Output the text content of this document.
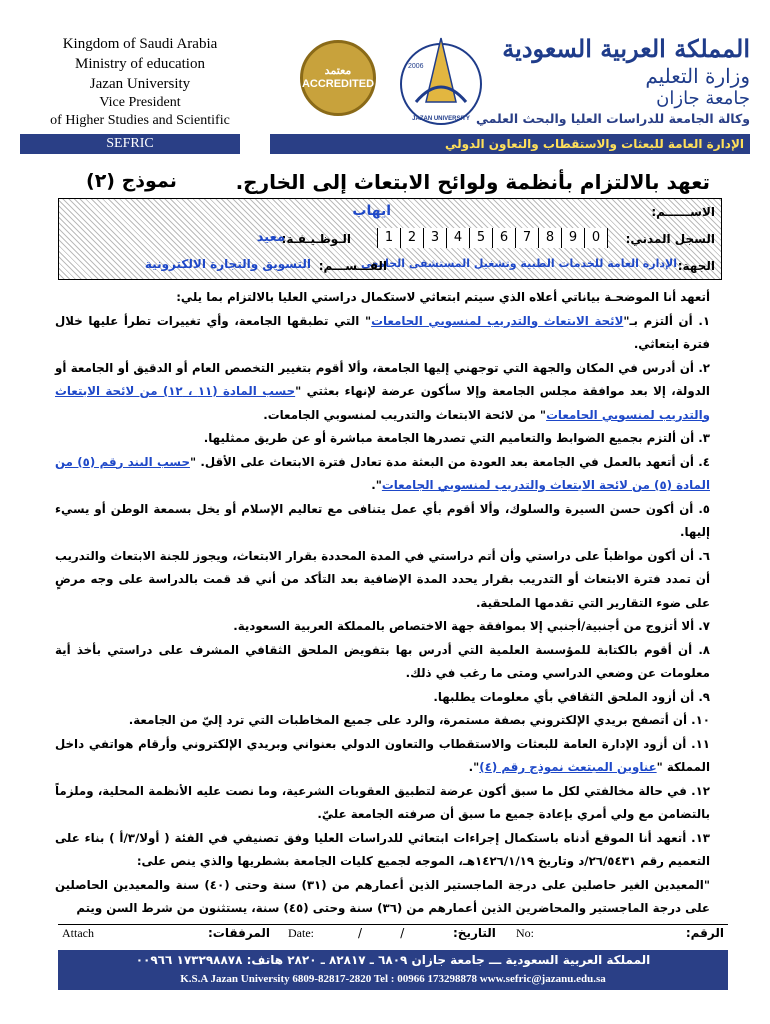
Kingdom of Saudi Arabia
Ministry of education
Jazan University
Vice President
of Higher Studies and Scientific
SEFRIC
معتمد
ACCREDITED
2006
JAZAN UNIVERSITY
المملكة العربية السعودية
وزارة التعليم
جامعة جازان
وكالة الجامعة للدراسات العليا والبحث العلمي
الإدارة العامة للبعثات والاستقطاب والتعاون الدولي
تعهد بالالتزام بأنظمة ولوائح الابتعاث إلى الخارج.
نموذج (٢)
الاســــــم:
ايهاب
السجل المدني:
1	2	3	4	5	6	7	8	9	0
الـوظـيـفـة:
معيد
الجهة:
الإدارة العامة للخدمات الطبية وتشغيل المستشفى الجامعي
القـــســـم:
التسويق والتجارة الالكترونية

أتعهد أنا الموضحـة بياناتي أعلاه الذي سيتم ابتعاثي لاستكمال دراستي العليا بالالتزام بما يلي:

١. أن ألتزم بـ"لائحة الابتعاث والتدريب لمنسوبي الجامعات" التي تطبقها الجامعة، وأي تغييرات تطرأ عليها خلال فترة ابتعاثي.

٢. أن أدرس في المكان والجهة التي توجهني إليها الجامعة، وألا أقوم بتغيير التخصص العام أو الدقيق أو الجامعة أو الدولة، إلا بعد موافقة مجلس الجامعة وإلا سأكون عرضة لإنهاء بعثتي "حسب المادة (١١ ، ١٢) من لائحة الابتعاث والتدريب لمنسوبي الجامعات" من لائحة الابتعاث والتدريب لمنسوبي الجامعات.

٣. أن ألتزم بجميع الضوابط والتعاميم التي تصدرها الجامعة مباشرة أو عن طريق ممثليها.

٤. أن أتعهد بالعمل في الجامعة بعد العودة من البعثة مدة تعادل فترة الابتعاث على الأقل. "حسب البند رقم (٥) من المادة (٥) من لائحة الابتعاث والتدريب لمنسوبي الجامعات".

٥. أن أكون حسن السيرة والسلوك، وألا أقوم بأي عمل يتنافى مع تعاليم الإسلام أو يخل بسمعة الوطن أو يسيء إليها.

٦. أن أكون مواظباً على دراستي وأن أتم دراستي في المدة المحددة بقرار الابتعاث، ويجوز للجنة الابتعاث والتدريب أن تمدد فترة الابتعاث أو التدريب بقرار يحدد المدة الإضافية بعد التأكد من أني قد قمت بالدراسة على وجه مرضٍ على ضوء التقارير التي تقدمها الملحقية.

٧. ألا أتزوج من أجنبية/أجنبي إلا بموافقة جهة الاختصاص بالمملكة العربية السعودية.

٨. أن أقوم بالكتابة للمؤسسة العلمية التي أدرس بها بتفويض الملحق الثقافي المشرف على دراستي بأخذ أية معلومات عن وضعي الدراسي ومتى ما رغب في ذلك.

٩. أن أزود الملحق الثقافي بأي معلومات يطلبها.

١٠. أن أتصفح بريدي الإلكتروني بصفة مستمرة، والرد على جميع المخاطبات التي ترد إليّ من الجامعة.

١١. أن أزود الإدارة العامة للبعثات والاستقطاب والتعاون الدولي بعنواني وبريدي الإلكتروني وأرقام هواتفي داخل المملكة "عناوين المبتعث نموذج رقم (٤)".

١٢. في حالة مخالفتي لكل ما سبق أكون عرضة لتطبيق العقوبات الشرعية، وما نصت عليه الأنظمة المحلية، وملزماً بالتضامن مع ولي أمري بإعادة جميع ما سبق أن صرفته الجامعة عليّ.

١٣. أتعهد أنا الموقع أدناه باستكمال إجراءات ابتعاثي للدراسات العليا وفق تصنيفي في الفئة ( أولا/٣/أ ) بناء على التعميم رقم ٢٦/٥٤٣١/د وتاريخ ١٤٢٦/١/١٩هـ، الموجه لجميع كليات الجامعة بشطريها والذي ينص على:

"المعيدين الغير حاصلين على درجة الماجستير الذين أعمارهم من (٣١) سنة وحتى (٤٠) سنة والمعيدين الحاصلين على درجة الماجستير والمحاضرين الذين أعمارهم من (٣٦) سنة وحتى (٤٥) سنة، يستثنون من شرط السن ويتم

Attach	المرفقات: Date:	/          /	التاريخ: No:	الرقم:
المملكة العربية السعودية ـــ جامعة جازان ٦٨٠٩ ـ ٨٢٨١٧ ـ ٢٨٢٠ هاتف: ١٧٣٢٩٨٨٧٨ ٠٠٩٦٦
K.S.A Jazan University 6809-82817-2820 Tel : 00966 173298878 www.sefric@jazanu.edu.sa
